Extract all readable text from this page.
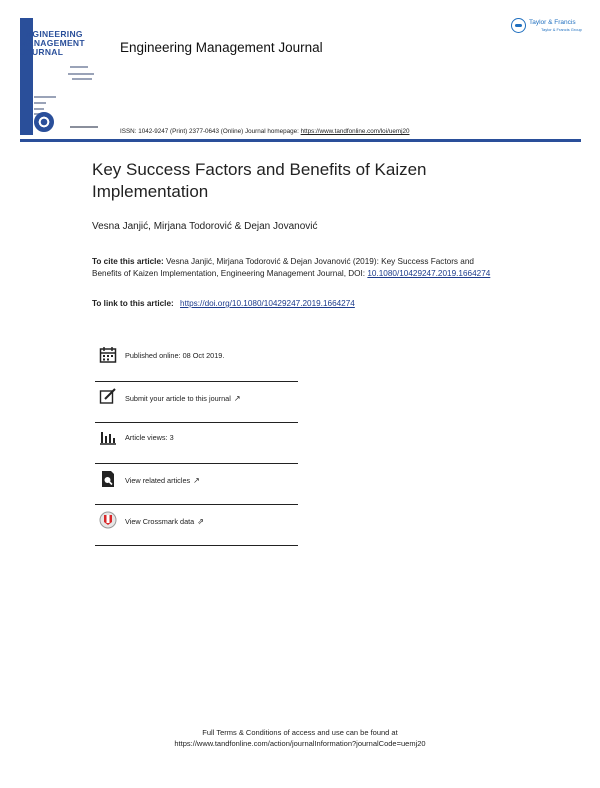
ENGINEERING
MANAGEMENT
JOURNAL	Engineering Management Journal
Taylor & Francis
Taylor & Francis Group
ISSN: 1042-9247 (Print) 2377-0643 (Online) Journal homepage: https://www.tandfonline.com/loi/uemj20
Key Success Factors and Benefits of Kaizen Implementation
Vesna Janjić, Mirjana Todorović & Dejan Jovanović
To cite this article: Vesna Janjić, Mirjana Todorović & Dejan Jovanović (2019): Key Success Factors and Benefits of Kaizen Implementation, Engineering Management Journal, DOI: 10.1080/10429247.2019.1664274
To link to this article: https://doi.org/10.1080/10429247.2019.1664274
Published online: 08 Oct 2019.
Submit your article to this journal ↗
Article views: 3
View related articles ↗
View Crossmark data ⇗
Full Terms & Conditions of access and use can be found at
https://www.tandfonline.com/action/journalInformation?journalCode=uemj20
